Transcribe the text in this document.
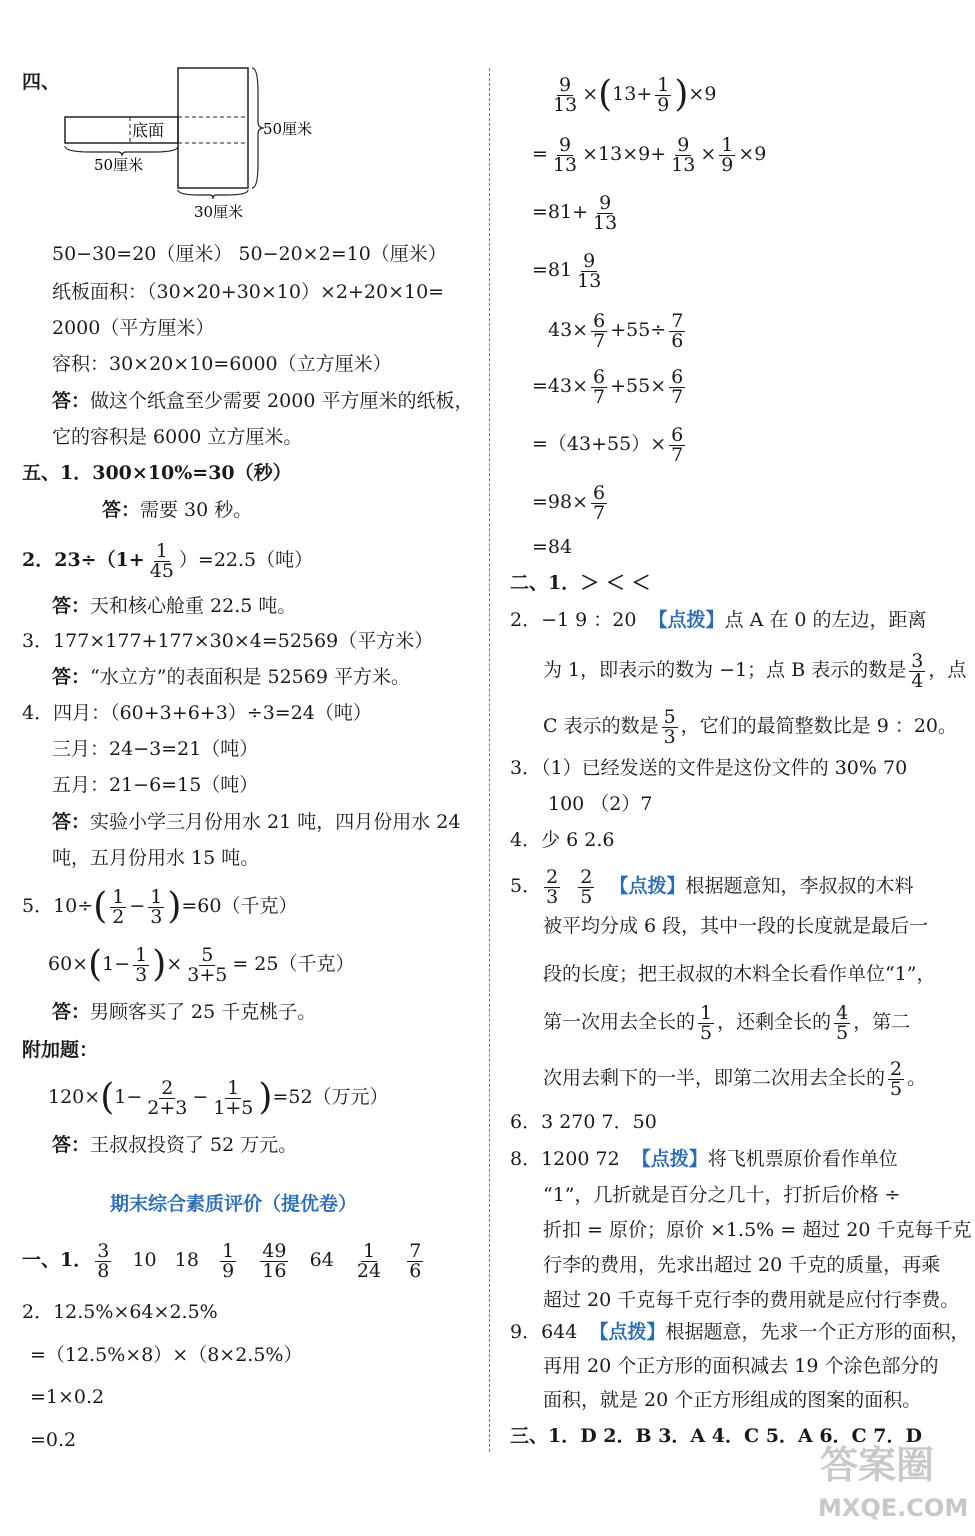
四、
底面	50厘米
50厘米
30厘米
50−30=20（厘米） 50−20×2=10（厘米）
纸板面积：（30×20+30×10）×2+20×10=
2000（平方厘米）
容积：30×20×10=6000（立方厘米）
答：做这个纸盒至少需要 2000 平方厘米的纸板，
它的容积是 6000 立方厘米。
五、1．300×10%=30（秒）
答：需要 30 秒。
2．$23\div(1+ \frac{1}{45} )=22.5$（吨）
答：天和核心舱重 22.5 吨。
3．177×177+177×30×4=52569（平方米）
答：“水立方”的表面积是 52569 平方米。
4．四月：（60+3+6+3）÷3=24（吨）
三月：24−3=21（吨）
五月：21−6=15（吨）
答：实验小学三月份用水 21 吨，四月份用水 24
吨，五月份用水 15 吨。
5．$10\div( \frac{1}{2} - \frac{1}{3} )=60$（千克）
$60\times(1- \frac{1}{3}$ )× $\frac{5}{3+5} = 25$（千克）
答：男顾客买了 25 千克桃子。
附加题：
$120\times(1- \frac{2}{2+3} - \frac{1}{1+5} )=52$（万元）
答：王叔叔投资了 52 万元。
期末综合素质评价（提优卷）
一、1． $\frac{3}{8} 10$ $18 \frac{1}{9}$
$\frac{49}{16} 64 \frac{1}{24}$
$\frac{7}{6}$
2．12.5%×64×2.5%
=（12.5%×8）×（8×2.5%）
=1×0.2
=0.2
$\frac{9}{13} \times(13+ \frac{1}{9} )\times 9$
= $\frac{9}{13} \times 13\times 9+ \frac{9}{13} \times \frac{1}{9} \times 9$
$=81+ \frac{9}{13}$
$=81 \frac{9}{13}$
$43\times \frac{6}{7} +55\div \frac{7}{6}$
$=43\times \frac{6}{7} +55\times \frac{6}{7}$
$=(43+55)\times \frac{6}{7}$
$=98\times \frac{6}{7}$
=84
二、1．＞ ＜ ＜
2．−1 9 ：20 【点拨】点 A 在 0 的左边，距离
为 1，即表示的数为 −1；点 B 表示的数是 $\frac{3}{4}$ ，点
C 表示的数是 $\frac{5}{3}$ ，它们的最简整数比是 9 ：20。
3．（1）已经发送的文件是这份文件的 30% 70
100 （2）7
4．少 6 2.6
5． $\frac{2}{3}$
$\frac{2}{5}$ 【点拨】根据题意知，李叔叔的木料
被平均分成 6 段，其中一段的长度就是最后一
段的长度；把王叔叔的木料全长看作单位“1”，
第一次用去全长的 $\frac{1}{5}$ ，还剩全长的 $\frac{4}{5}$ ，第二
次用去剩下的一半，即第二次用去全长的 $\frac{2}{5}$ 。
6．3 270 7．50
8．1200 72 【点拨】将飞机票原价看作单位
“1”，几折就是百分之几十，打折后价格 ÷
折扣 = 原价；原价 ×1.5% = 超过 20 千克每千克
行李的费用，先求出超过 20 千克的质量，再乘
超过 20 千克每千克行李的费用就是应付行李费。
9．644 【点拨】根据题意，先求一个正方形的面积，
再用 20 个正方形的面积减去 19 个涂色部分的
面积，就是 20 个正方形组成的图案的面积。
三、1．D 2．B 3．A 4．C 5．A 6．C 7．D
答案圈
MXQE.COM
